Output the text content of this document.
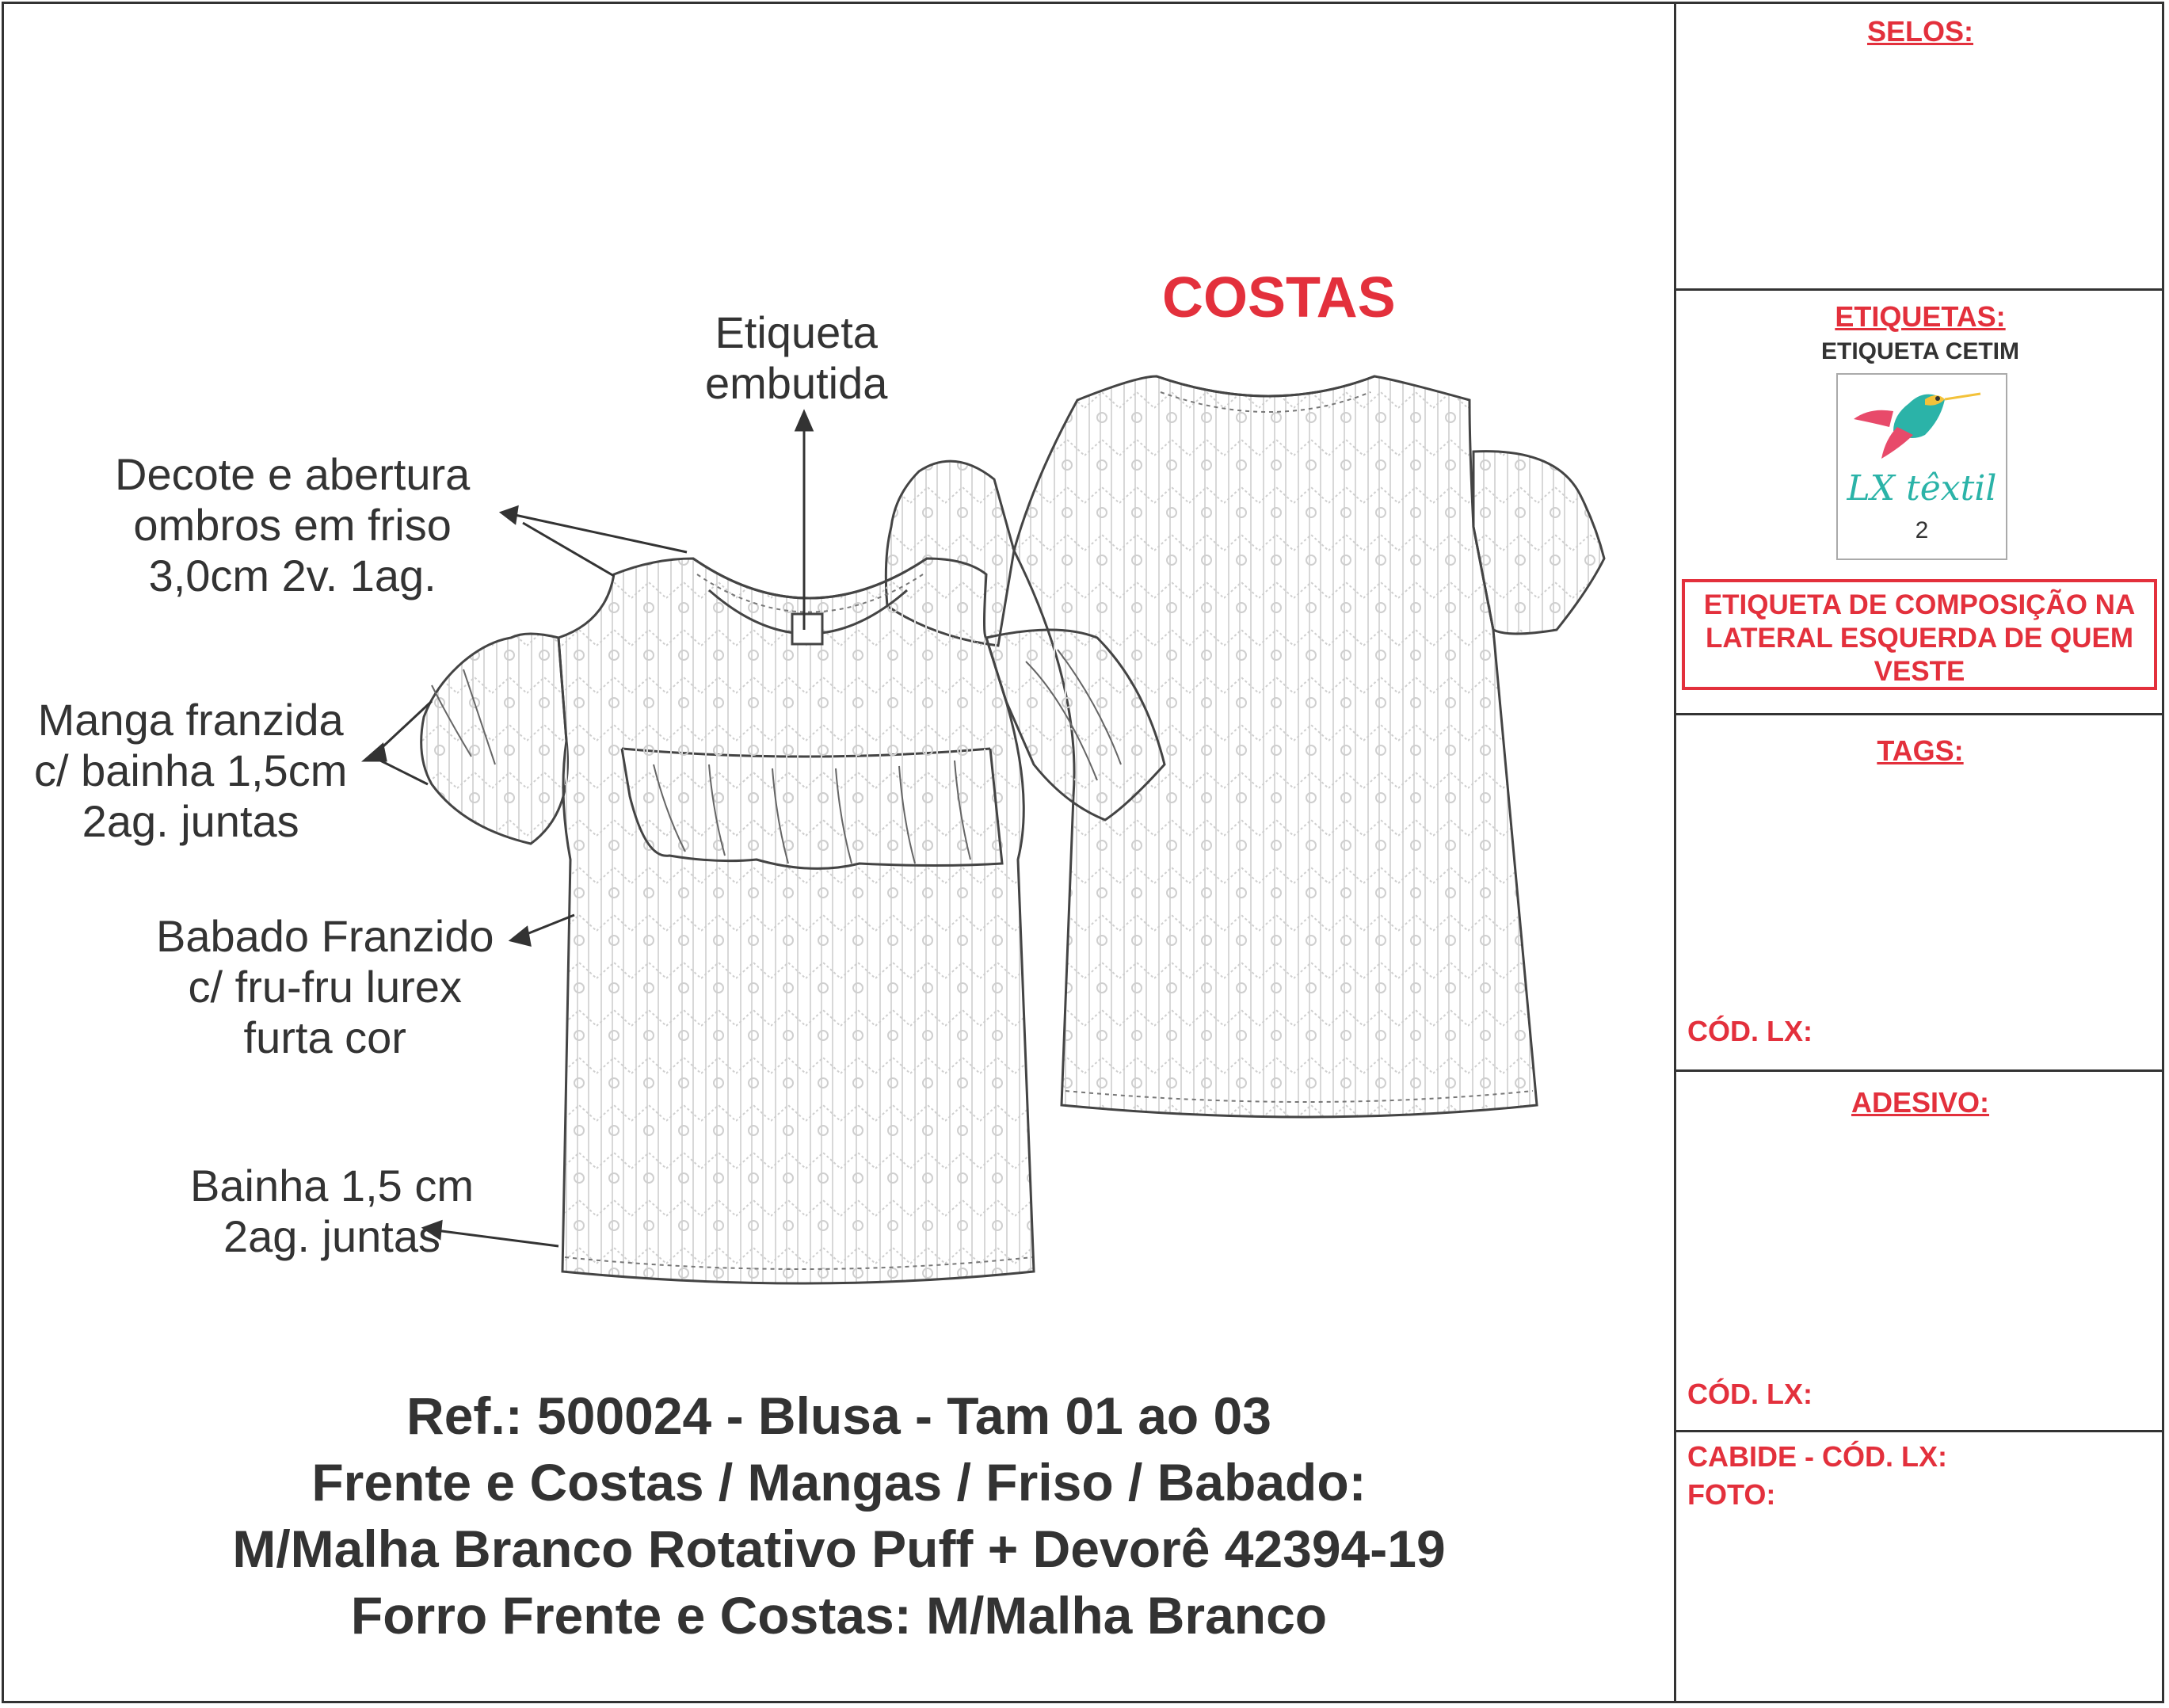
COSTAS
Etiqueta
embutida
Decote e abertura
ombros em friso
3,0cm 2v. 1ag.
Manga franzida
c/ bainha 1,5cm
2ag. juntas
Babado Franzido
c/ fru-fru lurex
furta cor
Bainha 1,5 cm
2ag. juntas
Ref.: 500024 - Blusa - Tam 01 ao 03
Frente e Costas / Mangas / Friso / Babado:
M/Malha Branco Rotativo Puff + Devorê 42394-19
Forro Frente e Costas: M/Malha Branco
SELOS:
ETIQUETAS:
ETIQUETA CETIM
TAGS:
CÓD. LX:
ADESIVO:
CÓD. LX:
CABIDE - CÓD. LX:
FOTO:
LX têxtil
2
ETIQUETA DE COMPOSIÇÃO NA LATERAL ESQUERDA DE QUEM VESTE
